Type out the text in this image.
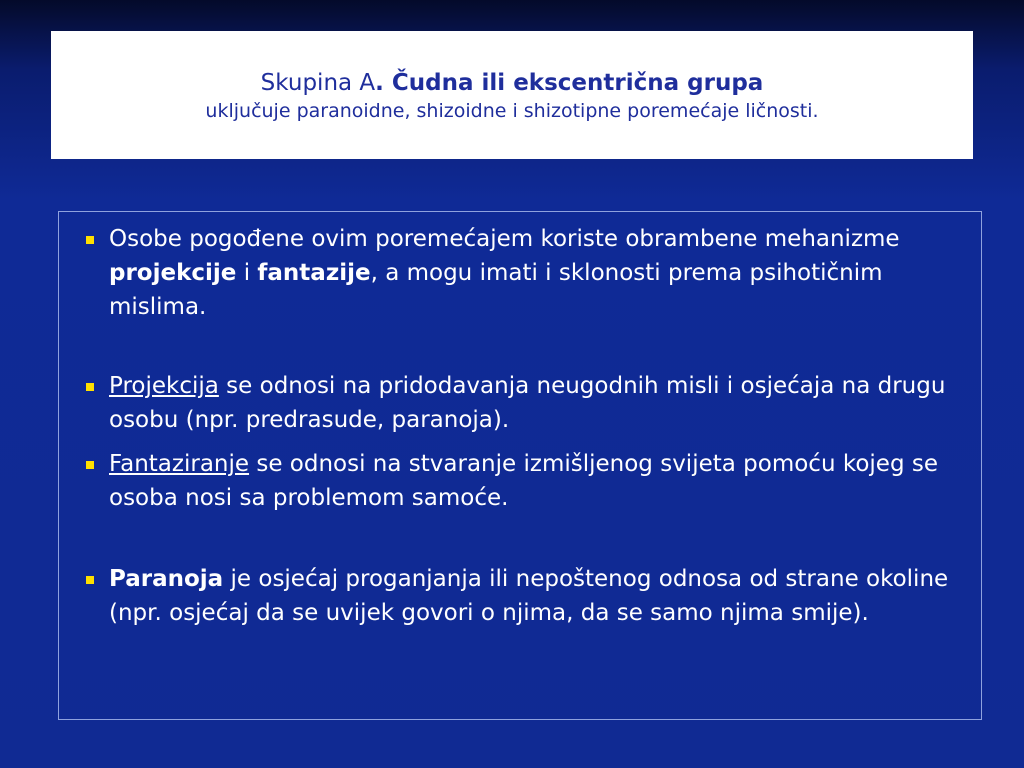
Skupina A. Čudna ili ekscentrična grupa
uključuje paranoidne, shizoidne i shizotipne poremećaje ličnosti.
Osobe pogođene ovim poremećajem koriste obrambene mehanizme projekcije i fantazije, a mogu imati i sklonosti prema psihotičnim mislima.
Projekcija se odnosi na pridodavanja neugodnih misli i osjećaja na drugu osobu (npr. predrasude, paranoja).
Fantaziranje se odnosi na stvaranje izmišljenog svijeta pomoću kojeg se osoba nosi sa problemom samoće.
Paranoja je osjećaj proganjanja ili nepoštenog odnosa od strane okoline (npr. osjećaj da se uvijek govori o njima, da se samo njima smije).
